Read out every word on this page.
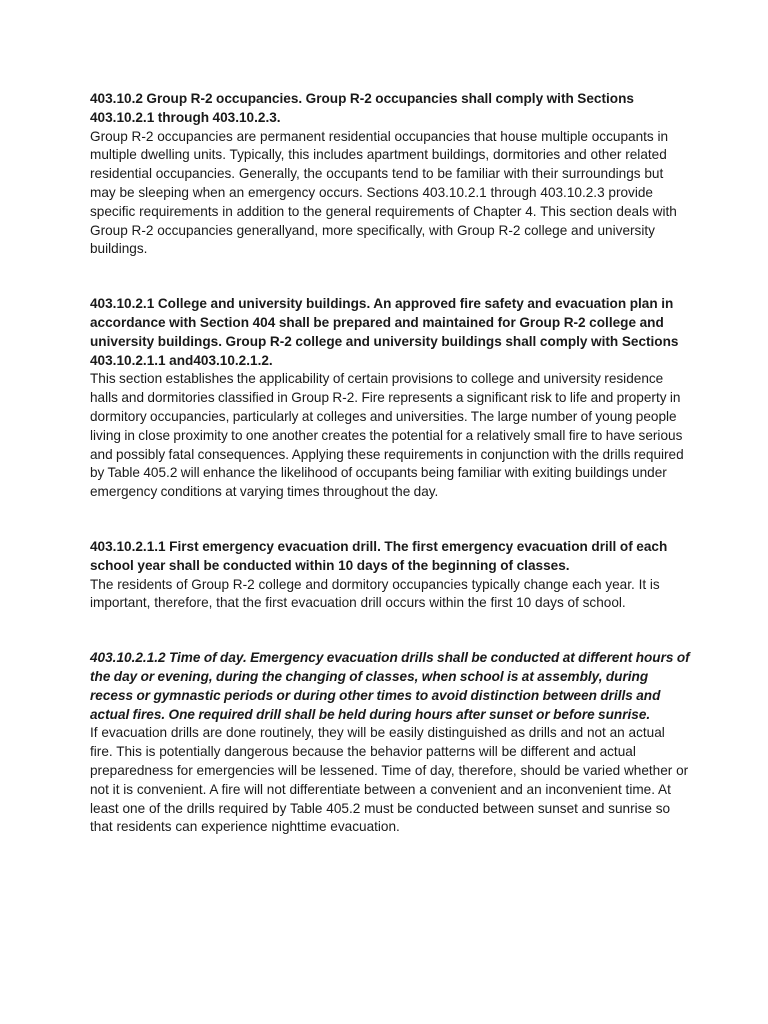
403.10.2 Group R-2 occupancies. Group R-2 occupancies shall comply with Sections 403.10.2.1 through 403.10.2.3.

Group R-2 occupancies are permanent residential occupancies that house multiple occupants in multiple dwelling units. Typically, this includes apartment buildings, dormitories and other related residential occupancies. Generally, the occupants tend to be familiar with their surroundings but may be sleeping when an emergency occurs. Sections 403.10.2.1 through 403.10.2.3 provide specific requirements in addition to the general requirements of Chapter 4. This section deals with Group R-2 occupancies generallyand, more specifically, with Group R-2 college and university buildings.

403.10.2.1 College and university buildings. An approved fire safety and evacuation plan in accordance with Section 404 shall be prepared and maintained for Group R-2 college and university buildings. Group R-2 college and university buildings shall comply with Sections 403.10.2.1.1 and403.10.2.1.2.

This section establishes the applicability of certain provisions to college and university residence halls and dormitories classified in Group R-2. Fire represents a significant risk to life and property in dormitory occupancies, particularly at colleges and universities. The large number of young people living in close proximity to one another creates the potential for a relatively small fire to have serious and possibly fatal consequences. Applying these requirements in conjunction with the drills required by Table 405.2 will enhance the likelihood of occupants being familiar with exiting buildings under emergency conditions at varying times throughout the day.

403.10.2.1.1 First emergency evacuation drill. The first emergency evacuation drill of each school year shall be conducted within 10 days of the beginning of classes.

The residents of Group R-2 college and dormitory occupancies typically change each year. It is important, therefore, that the first evacuation drill occurs within the first 10 days of school.

403.10.2.1.2 Time of day. Emergency evacuation drills shall be conducted at different hours of the day or evening, during the changing of classes, when school is at assembly, during recess or gymnastic periods or during other times to avoid distinction between drills and actual fires. One required drill shall be held during hours after sunset or before sunrise.

If evacuation drills are done routinely, they will be easily distinguished as drills and not an actual fire. This is potentially dangerous because the behavior patterns will be different and actual preparedness for emergencies will be lessened. Time of day, therefore, should be varied whether or not it is convenient. A fire will not differentiate between a convenient and an inconvenient time. At least one of the drills required by Table 405.2 must be conducted between sunset and sunrise so that residents can experience nighttime evacuation.
